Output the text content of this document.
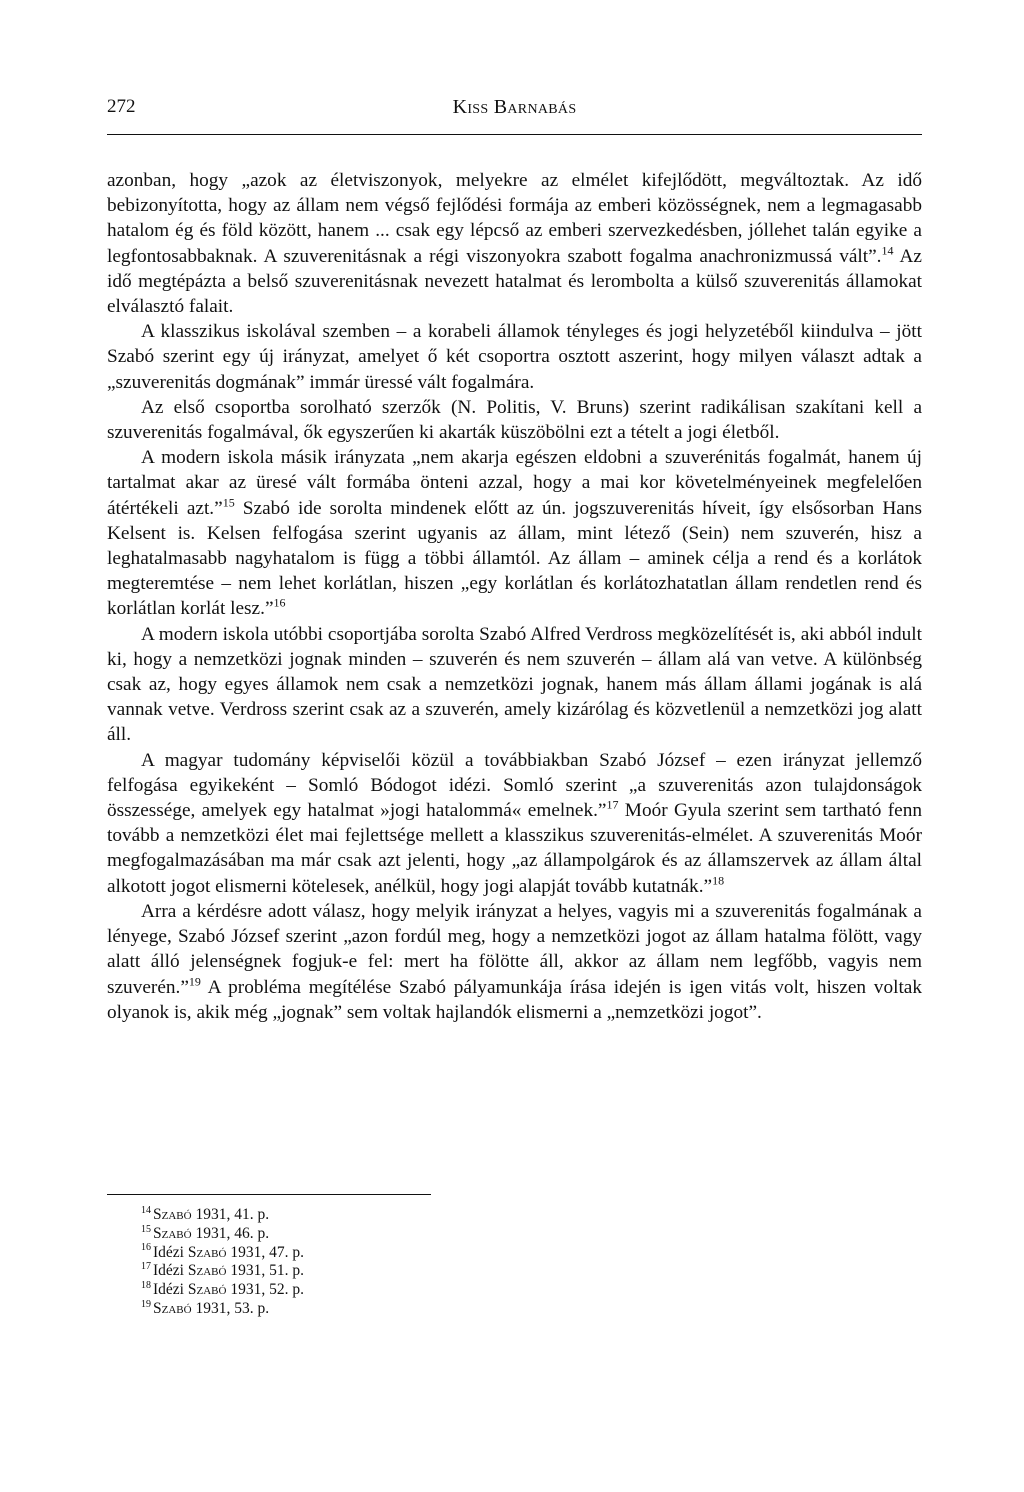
272	Kiss Barnabás

azonban, hogy „azok az életviszonyok, melyekre az elmélet kifejlődött, megváltoztak. Az idő bebizonyította, hogy az állam nem végső fejlődési formája az emberi közösségnek, nem a legmagasabb hatalom ég és föld között, hanem ... csak egy lépcső az emberi szervezkedésben, jóllehet talán egyike a legfontosabbaknak. A szuverenitásnak a régi viszonyokra szabott fogalma anachronizmussá vált”.$^{14}$ Az idő megtépázta a belső szuverenitásnak nevezett hatalmat és lerombolta a külső szuverenitás államokat elválasztó falait.

A klasszikus iskolával szemben – a korabeli államok tényleges és jogi helyzetéből kiindulva – jött Szabó szerint egy új irányzat, amelyet ő két csoportra osztott aszerint, hogy milyen választ adtak a „szuverenitás dogmának” immár üressé vált fogalmára.

Az első csoportba sorolható szerzők (N. Politis, V. Bruns) szerint radikálisan szakítani kell a szuverenitás fogalmával, ők egyszerűen ki akarták küszöbölni ezt a tételt a jogi életből.

A modern iskola másik irányzata „nem akarja egészen eldobni a szuverénitás fogalmát, hanem új tartalmat akar az üresé vált formába önteni azzal, hogy a mai kor követelményeinek megfelelően átértékeli azt.”$^{15}$ Szabó ide sorolta mindenek előtt az ún. jogszuverenitás híveit, így elsősorban Hans Kelsent is. Kelsen felfogása szerint ugyanis az állam, mint létező (Sein) nem szuverén, hisz a leghatalmasabb nagyhatalom is függ a többi államtól. Az állam – aminek célja a rend és a korlátok megteremtése – nem lehet korlátlan, hiszen „egy korlátlan és korlátozhatatlan állam rendetlen rend és korlátlan korlát lesz.”$^{16}$

A modern iskola utóbbi csoportjába sorolta Szabó Alfred Verdross megközelítését is, aki abból indult ki, hogy a nemzetközi jognak minden – szuverén és nem szuverén – állam alá van vetve. A különbség csak az, hogy egyes államok nem csak a nemzetközi jognak, hanem más állam állami jogának is alá vannak vetve. Verdross szerint csak az a szuverén, amely kizárólag és közvetlenül a nemzetközi jog alatt áll.

A magyar tudomány képviselői közül a továbbiakban Szabó József – ezen irányzat jellemző felfogása egyikeként – Somló Bódogot idézi. Somló szerint „a szuverenitás azon tulajdonságok összessége, amelyek egy hatalmat »jogi hatalommá« emelnek.”$^{17}$ Moór Gyula szerint sem tartható fenn tovább a nemzetközi élet mai fejlettsége mellett a klasszikus szuverenitás-elmélet. A szuverenitás Moór megfogalmazásában ma már csak azt jelenti, hogy „az állampolgárok és az államszervek az állam által alkotott jogot elismerni kötelesek, anélkül, hogy jogi alapját tovább kutatnák.”$^{18}$

Arra a kérdésre adott válasz, hogy melyik irányzat a helyes, vagyis mi a szuverenitás fogalmának a lényege, Szabó József szerint „azon fordúl meg, hogy a nemzetközi jogot az állam hatalma fölött, vagy alatt álló jelenségnek fogjuk-e fel: mert ha fölötte áll, akkor az állam nem legfőbb, vagyis nem szuverén.”$^{19}$ A probléma megítélése Szabó pályamunkája írása idején is igen vitás volt, hiszen voltak olyanok is, akik még „jognak” sem voltak hajlandók elismerni a „nemzetközi jogot”.

$^{14}$ Szabó 1931, 41. p.
$^{15}$ Szabó 1931, 46. p.
$^{16}$ Idézi Szabó 1931, 47. p.
$^{17}$ Idézi Szabó 1931, 51. p.
$^{18}$ Idézi Szabó 1931, 52. p.
$^{19}$ Szabó 1931, 53. p.
